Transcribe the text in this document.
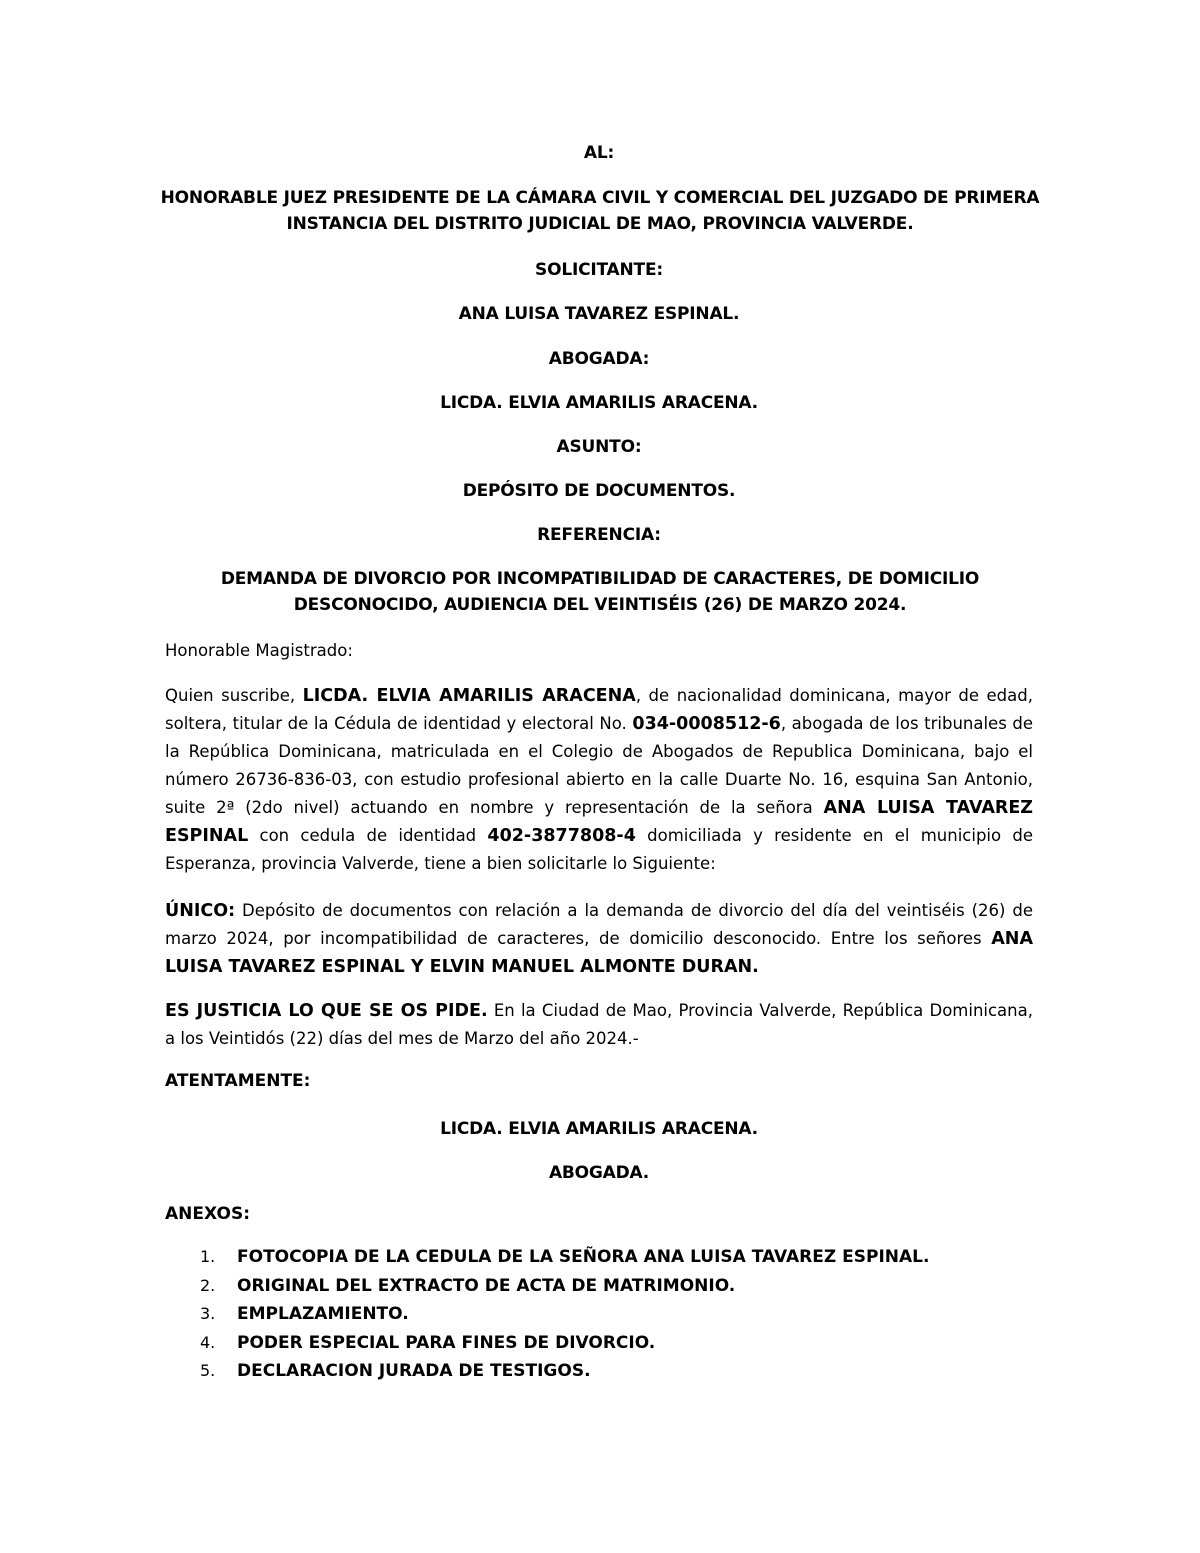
AL:
HONORABLE JUEZ PRESIDENTE DE LA CÁMARA CIVIL Y COMERCIAL DEL JUZGADO DE PRIMERA INSTANCIA DEL DISTRITO JUDICIAL DE MAO, PROVINCIA VALVERDE.
SOLICITANTE:
ANA LUISA TAVAREZ ESPINAL.
ABOGADA:
LICDA. ELVIA AMARILIS ARACENA.
ASUNTO:
DEPÓSITO DE DOCUMENTOS.
REFERENCIA:
DEMANDA DE DIVORCIO POR INCOMPATIBILIDAD DE CARACTERES, DE DOMICILIO DESCONOCIDO, AUDIENCIA DEL VEINTISÉIS (26) DE MARZO 2024.
Honorable Magistrado:
Quien suscribe, LICDA. ELVIA AMARILIS ARACENA, de nacionalidad dominicana, mayor de edad, soltera, titular de la Cédula de identidad y electoral No. 034-0008512-6, abogada de los tribunales de la República Dominicana, matriculada en el Colegio de Abogados de Republica Dominicana, bajo el número 26736-836-03, con estudio profesional abierto en la calle Duarte No. 16, esquina San Antonio, suite 2ª (2do nivel) actuando en nombre y representación de la señora ANA LUISA TAVAREZ ESPINAL con cedula de identidad 402-3877808-4 domiciliada y residente en el municipio de Esperanza, provincia Valverde, tiene a bien solicitarle lo Siguiente:
ÚNICO: Depósito de documentos con relación a la demanda de divorcio del día del veintiséis (26) de marzo 2024, por incompatibilidad de caracteres, de domicilio desconocido. Entre los señores ANA LUISA TAVAREZ ESPINAL Y ELVIN MANUEL ALMONTE DURAN.
ES JUSTICIA LO QUE SE OS PIDE. En la Ciudad de Mao, Provincia Valverde, República Dominicana, a los Veintidós (22) días del mes de Marzo del año 2024.-
ATENTAMENTE:
LICDA. ELVIA AMARILIS ARACENA.
ABOGADA.
ANEXOS:
1. FOTOCOPIA DE LA CEDULA DE LA SEÑORA ANA LUISA TAVAREZ ESPINAL.
2. ORIGINAL DEL EXTRACTO DE ACTA DE MATRIMONIO.
3. EMPLAZAMIENTO.
4. PODER ESPECIAL PARA FINES DE DIVORCIO.
5. DECLARACION JURADA DE TESTIGOS.
